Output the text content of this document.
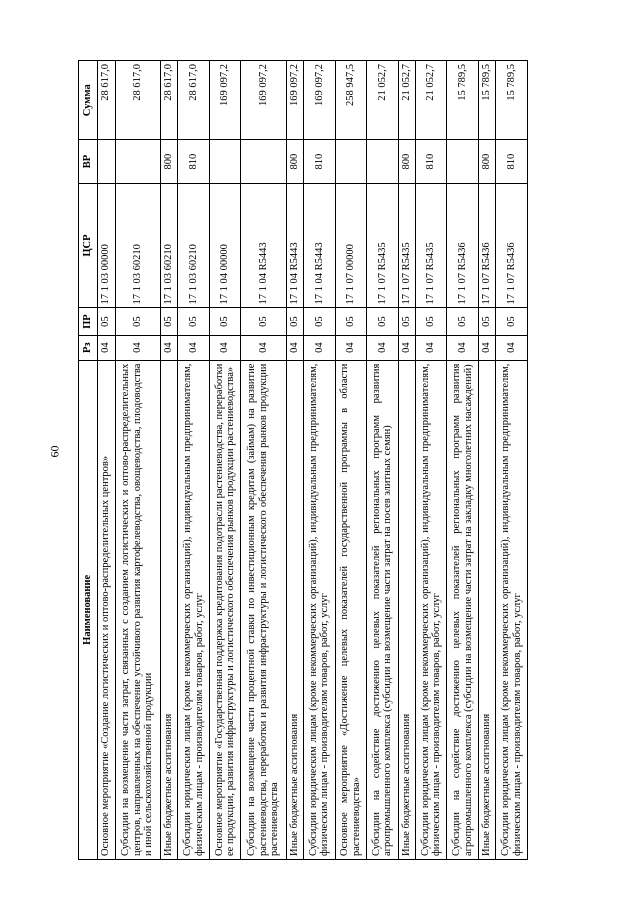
60
Наименование	Рз	ПР	ЦСР	ВР	Сумма
Основное мероприятие «Создание логистических и оптово-распределительных центров»	04	05	17 1 03 00000		28 617,0
Субсидии на возмещение части затрат, связанных с созданием логистических и оптово-распределительных центров, направленных на обеспечение устойчивого развития картофелеводства, овощеводства, плодоводства и иной сельскохозяйственной продукции	04	05	17 1 03 60210		28 617,0
Иные бюджетные ассигнования	04	05	17 1 03 60210	800	28 617,0
Субсидии юридическим лицам (кроме некоммерческих организаций), индивидуальным предпринимателям, физическим лицам - производителям товаров, работ, услуг	04	05	17 1 03 60210	810	28 617,0
Основное мероприятие «Государственная поддержка кредитования подотрасли растениеводства, переработки ее продукции, развития инфраструктуры и логистического обеспечения рынков продукции растениеводства»	04	05	17 1 04 00000		169 097,2
Субсидии на возмещение части процентной ставки по инвестиционным кредитам (займам) на развитие растениеводства, переработки и развития инфраструктуры и логистического обеспечения рынков продукции растениеводства	04	05	17 1 04 R5443		169 097,2
Иные бюджетные ассигнования	04	05	17 1 04 R5443	800	169 097,2
Субсидии юридическим лицам (кроме некоммерческих организаций), индивидуальным предпринимателям, физическим лицам - производителям товаров, работ, услуг	04	05	17 1 04 R5443	810	169 097,2
Основное мероприятие «Достижение целевых показателей государственной программы в области растениеводства»	04	05	17 1 07 00000		258 947,5
Субсидии на содействие достижению целевых показателей региональных программ развития агропромышленного комплекса (субсидии на возмещение части затрат на посев элитных семян)	04	05	17 1 07 R5435		21 052,7
Иные бюджетные ассигнования	04	05	17 1 07 R5435	800	21 052,7
Субсидии юридическим лицам (кроме некоммерческих организаций), индивидуальным предпринимателям, физическим лицам - производителям товаров, работ, услуг	04	05	17 1 07 R5435	810	21 052,7
Субсидии на содействие достижению целевых показателей региональных программ развития агропромышленного комплекса (субсидии на возмещение части затрат на закладку многолетних насаждений)	04	05	17 1 07 R5436		15 789,5
Иные бюджетные ассигнования	04	05	17 1 07 R5436	800	15 789,5
Субсидии юридическим лицам (кроме некоммерческих организаций), индивидуальным предпринимателям, физическим лицам - производителям товаров, работ, услуг	04	05	17 1 07 R5436	810	15 789,5
